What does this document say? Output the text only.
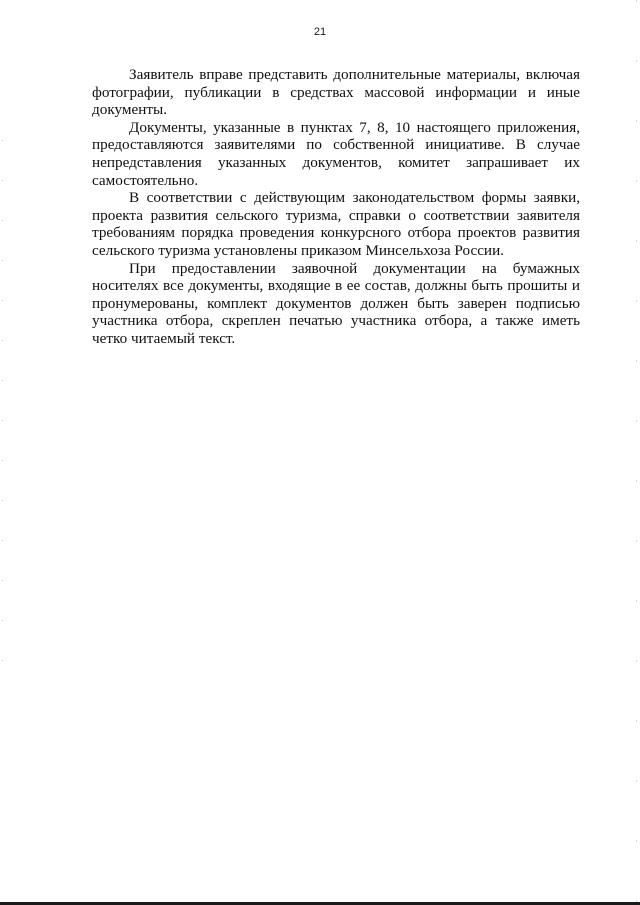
21

Заявитель вправе представить дополнительные материалы, включая фотографии, публикации в средствах массовой информации и иные документы.

Документы, указанные в пунктах 7, 8, 10 настоящего приложения, предоставляются заявителями по собственной инициативе. В случае непредставления указанных документов, комитет запрашивает их самостоятельно.

В соответствии с действующим законодательством формы заявки, проекта развития сельского туризма, справки о соответствии заявителя требованиям порядка проведения конкурсного отбора проектов развития сельского туризма установлены приказом Минсельхоза России.

При предоставлении заявочной документации на бумажных носителях все документы, входящие в ее состав, должны быть прошиты и пронумерованы, комплект документов должен быть заверен подписью участника отбора, скреплен печатью участника отбора, а также иметь четко читаемый текст.
